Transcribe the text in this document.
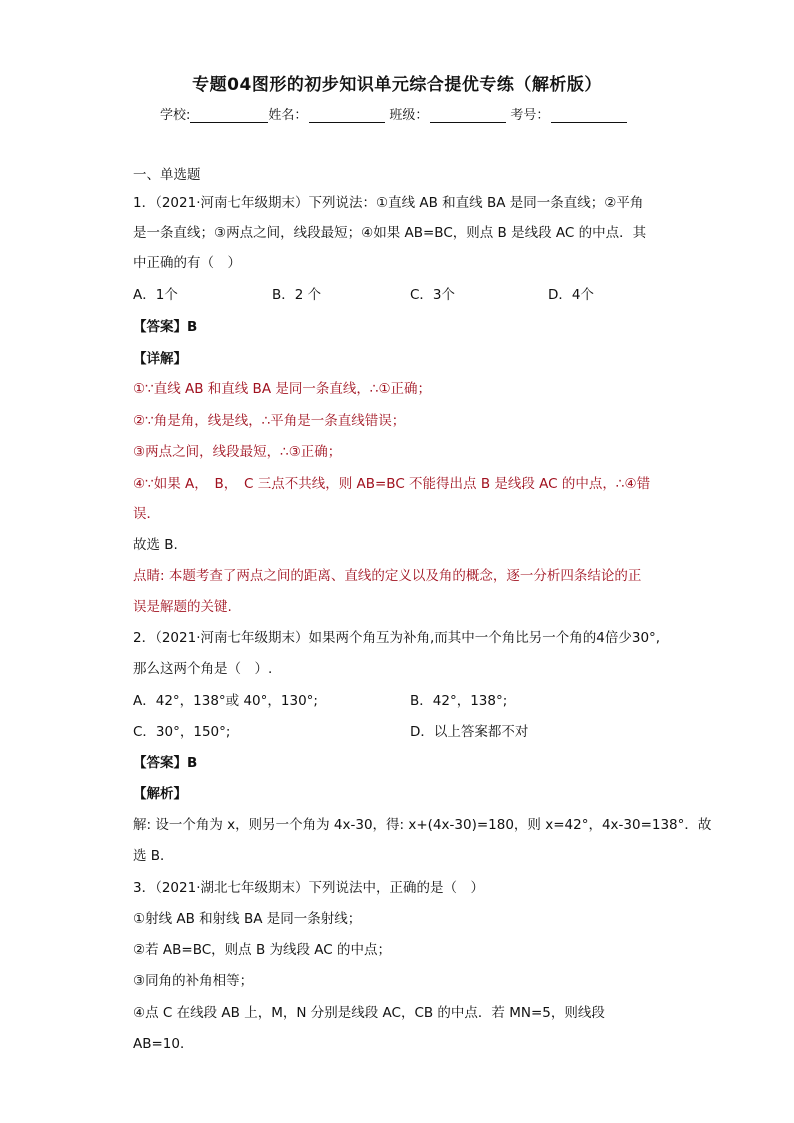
专题04图形的初步知识单元综合提优专练（解析版）
学校:	姓名：	班级：	考号：
一、单选题
1．（2021·河南七年级期末）下列说法：①直线 AB 和直线 BA 是同一条直线；②平角
是一条直线；③两点之间，线段最短；④如果 AB=BC，则点 B 是线段 AC 的中点．其
中正确的有（　）
A．1个	B．2 个	C．3个	D．4个
【答案】B
【详解】
①∵直线 AB 和直线 BA 是同一条直线，∴①正确；
②∵角是角，线是线，∴平角是一条直线错误；
③两点之间，线段最短，∴③正确；
④∵如果 A，　B，　C 三点不共线，则 AB=BC 不能得出点 B 是线段 AC 的中点，∴④错
误．
故选 B.
点睛: 本题考查了两点之间的距离、直线的定义以及角的概念，逐一分析四条结论的正
误是解题的关键.
2．（2021·河南七年级期末）如果两个角互为补角,而其中一个角比另一个角的4倍少30°,
那么这两个角是（　）.
A．42°，138°或 40°，130°;	B．42°，138°;
C．30°，150°;	D．以上答案都不对
【答案】B
【解析】
解: 设一个角为 x，则另一个角为 4x-30，得: x+(4x-30)=180，则 x=42°，4x-30=138°．故
选 B．
3．（2021·湖北七年级期末）下列说法中，正确的是（　）
①射线 AB 和射线 BA 是同一条射线；
②若 AB=BC，则点 B 为线段 AC 的中点；
③同角的补角相等；
④点 C 在线段 AB 上，M，N 分别是线段 AC，CB 的中点．若 MN=5，则线段
AB=10．
